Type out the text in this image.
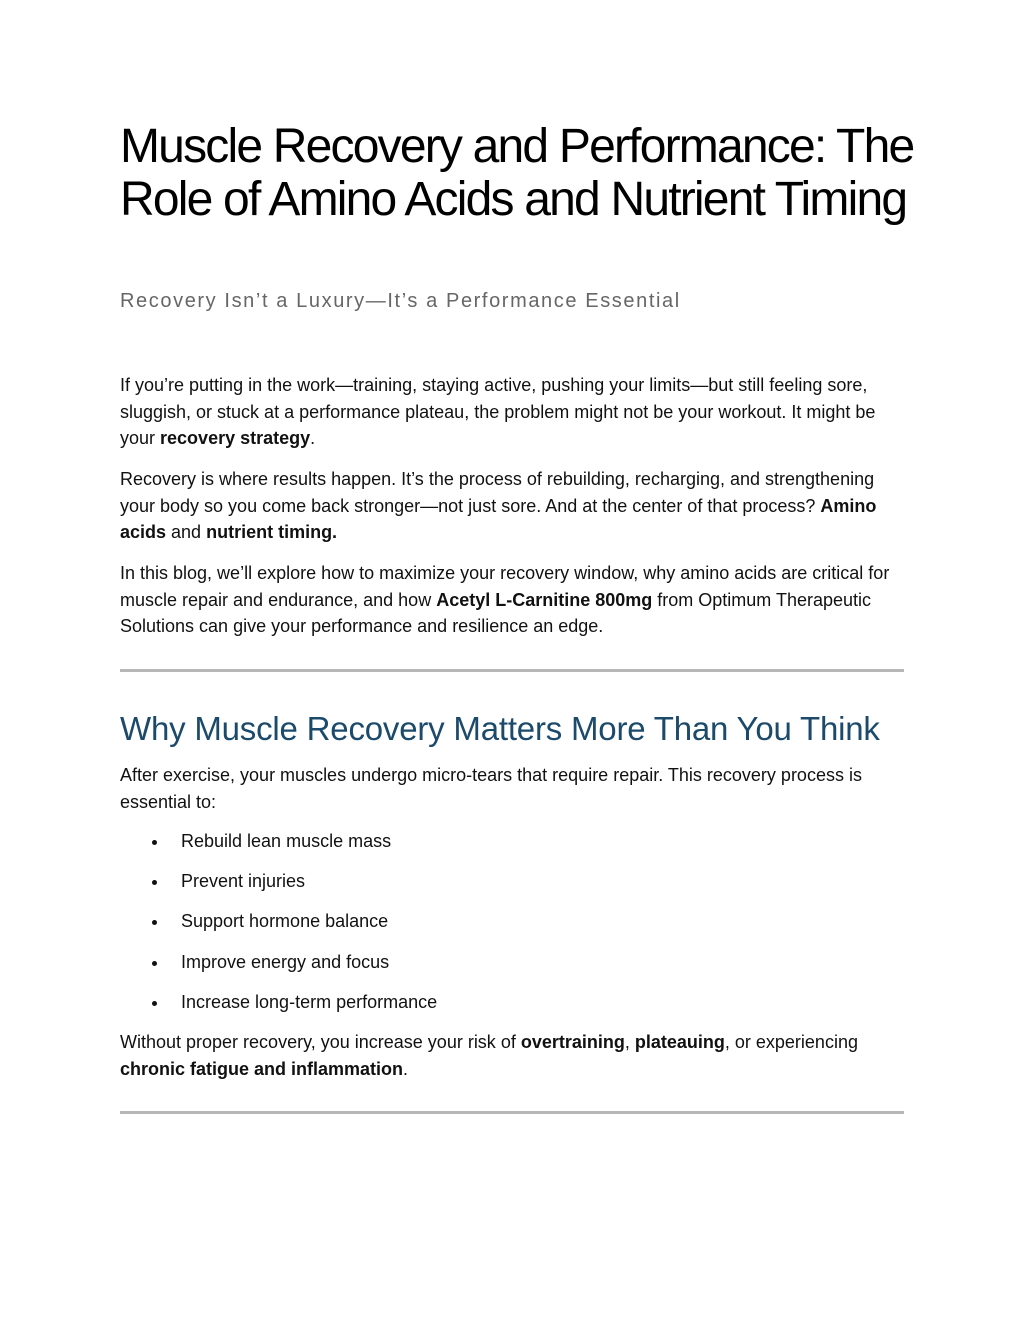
Muscle Recovery and Performance: The Role of Amino Acids and Nutrient Timing

Recovery Isn’t a Luxury—It’s a Performance Essential

If you’re putting in the work—training, staying active, pushing your limits—but still feeling sore, sluggish, or stuck at a performance plateau, the problem might not be your workout. It might be your recovery strategy.

Recovery is where results happen. It’s the process of rebuilding, recharging, and strengthening your body so you come back stronger—not just sore. And at the center of that process? Amino acids and nutrient timing.

In this blog, we’ll explore how to maximize your recovery window, why amino acids are critical for muscle repair and endurance, and how Acetyl L-Carnitine 800mg from Optimum Therapeutic Solutions can give your performance and resilience an edge.

Why Muscle Recovery Matters More Than You Think

After exercise, your muscles undergo micro-tears that require repair. This recovery process is essential to:

Rebuild lean muscle mass
Prevent injuries
Support hormone balance
Improve energy and focus
Increase long-term performance

Without proper recovery, you increase your risk of overtraining, plateauing, or experiencing chronic fatigue and inflammation.
